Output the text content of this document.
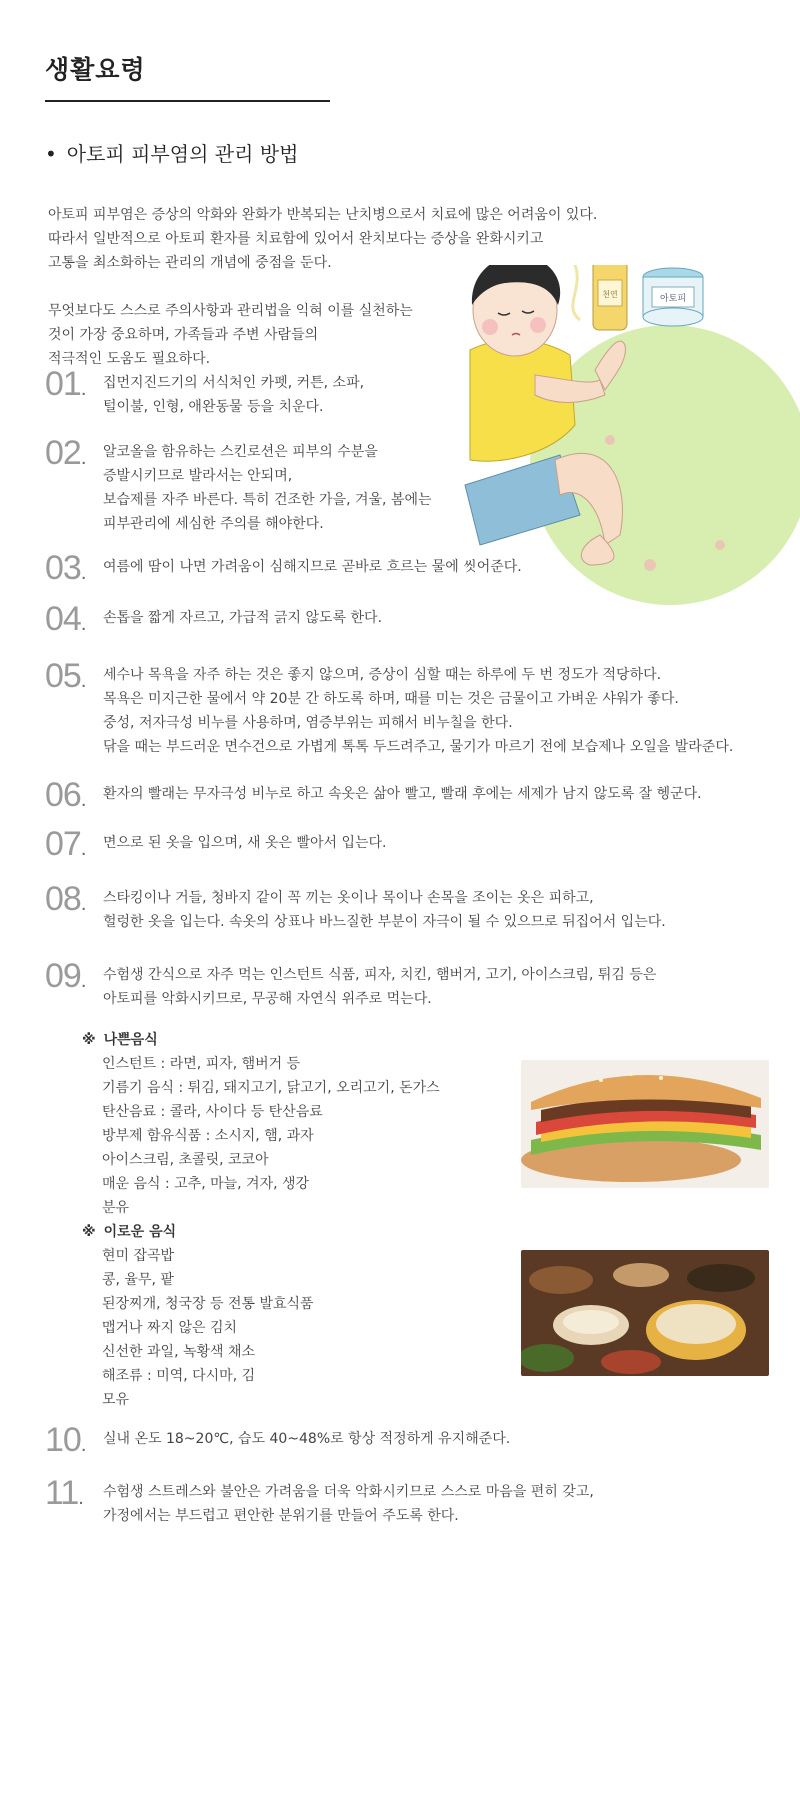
생활요령
• 아토피 피부염의 관리 방법

아토피 피부염은 증상의 악화와 완화가 반복되는 난치병으로서 치료에 많은 어려움이 있다.

따라서 일반적으로 아토피 환자를 치료함에 있어서 완치보다는 증상을 완화시키고

고통을 최소화하는 관리의 개념에 중점을 둔다.

무엇보다도 스스로 주의사항과 관리법을 익혀 이를 실천하는

것이 가장 중요하며, 가족들과 주변 사람들의

적극적인 도움도 필요하다.

천연	아토피
01. 집먼지진드기의 서식처인 카펫, 커튼, 소파,
털이불, 인형, 애완동물 등을 치운다.
02. 알코올을 함유하는 스킨로션은 피부의 수분을
증발시키므로 발라서는 안되며,
보습제를 자주 바른다. 특히 건조한 가을, 겨울, 봄에는
피부관리에 세심한 주의를 해야한다.
03. 여름에 땀이 나면 가려움이 심해지므로 곧바로 흐르는 물에 씻어준다.
04. 손톱을 짧게 자르고, 가급적 긁지 않도록 한다.
05. 세수나 목욕을 자주 하는 것은 좋지 않으며, 증상이 심할 때는 하루에 두 번 정도가 적당하다.
목욕은 미지근한 물에서 약 20분 간 하도록 하며, 때를 미는 것은 금물이고 가벼운 샤워가 좋다.
중성, 저자극성 비누를 사용하며, 염증부위는 피해서 비누칠을 한다.
닦을 때는 부드러운 면수건으로 가볍게 톡톡 두드려주고, 물기가 마르기 전에 보습제나 오일을 발라준다.
06. 환자의 빨래는 무자극성 비누로 하고 속옷은 삶아 빨고, 빨래 후에는 세제가 남지 않도록 잘 헹군다.
07. 면으로 된 옷을 입으며, 새 옷은 빨아서 입는다.
08. 스타킹이나 거들, 청바지 같이 꼭 끼는 옷이나 목이나 손목을 조이는 옷은 피하고,
헐렁한 옷을 입는다. 속옷의 상표나 바느질한 부분이 자극이 될 수 있으므로 뒤집어서 입는다.
09. 수험생 간식으로 자주 먹는 인스턴트 식품, 피자, 치킨, 햄버거, 고기, 아이스크림, 튀김 등은
아토피를 악화시키므로, 무공해 자연식 위주로 먹는다.
※ 나쁜음식
인스턴트 : 라면, 피자, 햄버거 등
기름기 음식 : 튀김, 돼지고기, 닭고기, 오리고기, 돈가스
탄산음료 : 콜라, 사이다 등 탄산음료
방부제 함유식품 : 소시지, 햄, 과자
아이스크림, 초콜릿, 코코아
매운 음식 : 고추, 마늘, 겨자, 생강
분유
※ 이로운 음식
현미 잡곡밥
콩, 율무, 팥
된장찌개, 청국장 등 전통 발효식품
맵거나 짜지 않은 김치
신선한 과일, 녹황색 채소
해조류 : 미역, 다시마, 김
모유
10. 실내 온도 18~20℃, 습도 40~48%로 항상 적정하게 유지해준다.
11. 수험생 스트레스와 불안은 가려움을 더욱 악화시키므로 스스로 마음을 편히 갖고,
가정에서는 부드럽고 편안한 분위기를 만들어 주도록 한다.
